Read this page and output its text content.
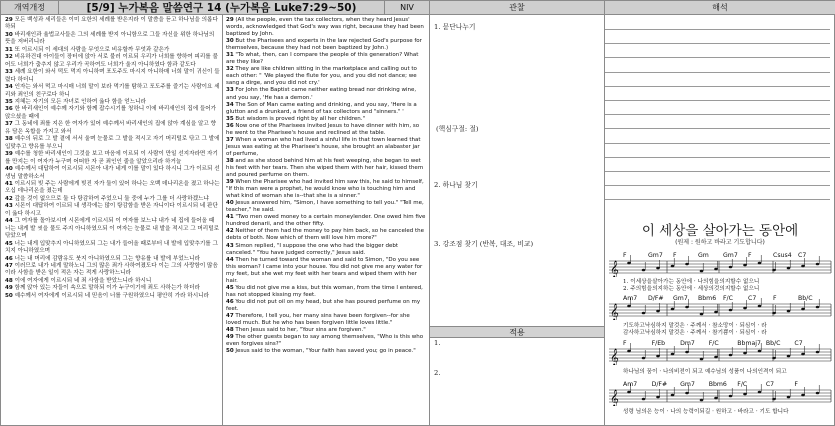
개역개정	[5/9] 누가복음 말씀연구 14 (누가복음 Luke7:29~50)	NIV	관찰	해석
29 모든 백성과 세리들은 이미 요한의 세례를 받은지라 이 말씀을 듣고 하나님을 의롭다 하되
30 바리새인과 율법교사들은 그의 세례를 받지 아니함으로 그들 자신을 위한 하나님의 뜻을 저버리니라
31 또 이르시되 이 세대의 사람을 무엇으로 비유할까 무엇과 같은가
32 비유하건대 아이들이 장터에 앉아 서로 불러 이르되 우리가 너희를 향하여 피리를 불어도 너희가 춤추지 않고 우리가 곡하여도 너희가 울지 아니하였다 함과 같도다
33 세례 요한이 와서 떡도 먹지 아니하며 포도주도 마시지 아니하매 너희 말이 귀신이 들렸다 하더니
34 인자는 와서 먹고 마시매 너희 말이 보라 먹기를 탐하고 포도주를 즐기는 사람이요 세리와 죄인의 친구로다 하니
35 지혜는 자기의 모든 자녀로 인하여 옳다 함을 얻느니라
36 한 바리새인이 예수께 자기와 함께 잡수시기를 청하니 이에 바리새인의 집에 들어가 앉으셨을 때에
37 그 동네에 죄를 지은 한 여자가 있어 예수께서 바리새인의 집에 앉아 계심을 알고 향유 담은 옥합을 가지고 와서
38 예수의 뒤로 그 발 곁에 서서 울며 눈물로 그 발을 적시고 자기 머리털로 닦고 그 발에 입맞추고 향유를 부으니
39 예수를 청한 바리새인이 그것을 보고 마음에 이르되 이 사람이 만일 선지자라면 자기를 만지는 이 여자가 누구며 어떠한 자 곧 죄인인 줄을 알았으리라 하거늘
40 예수께서 대답하여 이르시되 시몬아 내가 네게 이를 말이 있다 하시니 그가 이르되 선생님 말씀하소서
41 이르시되 빚 주는 사람에게 빚진 자가 둘이 있어 하나는 오백 데나리온을 졌고 하나는 오십 데나리온을 졌는데
42 갚을 것이 없으므로 둘 다 탕감하여 주었으니 둘 중에 누가 그를 더 사랑하겠느냐
43 시몬이 대답하여 이르되 내 생각에는 많이 탕감함을 받은 자니이다 이르시되 네 판단이 옳다 하시고
44 그 여자를 돌아보시며 시몬에게 이르시되 이 여자를 보느냐 내가 네 집에 들어올 때 너는 내게 발 씻을 물도 주지 아니하였으되 이 여자는 눈물로 내 발을 적시고 그 머리털로 닦았으며
45 너는 내게 입맞추지 아니하였으되 그는 내가 들어올 때로부터 내 발에 입맞추기를 그치지 아니하였으며
46 너는 내 머리에 감람유도 붓지 아니하였으되 그는 향유를 내 발에 부었느니라
47 이러므로 내가 네게 말하노니 그의 많은 죄가 사하여졌도다 이는 그의 사랑함이 많음이라 사함을 받은 일이 적은 자는 적게 사랑하느니라
48 이에 여자에게 이르시되 네 죄 사함을 받았느니라 하시니
49 함께 앉아 있는 자들이 속으로 말하되 이가 누구이기에 죄도 사하는가 하더라
50 예수께서 여자에게 이르시되 네 믿음이 너를 구원하였으니 평안히 가라 하시니라
29 (All the people, even the tax collectors, when they heard Jesus' words, acknowledged that God's way was right, because they had been baptized by John.
30 But the Pharisees and experts in the law rejected God's purpose for themselves, because they had not been baptized by John.)
31 "To what, then, can I compare the people of this generation? What are they like?
32 They are like children sitting in the marketplace and calling out to each other: " 'We played the flute for you, and you did not dance; we sang a dirge, and you did not cry.'
33 For John the Baptist came neither eating bread nor drinking wine, and you say, 'He has a demon.'
34 The Son of Man came eating and drinking, and you say, 'Here is a glutton and a drunkard, a friend of tax collectors and "sinners." '
35 But wisdom is proved right by all her children."
36 Now one of the Pharisees invited Jesus to have dinner with him, so he went to the Pharisee's house and reclined at the table.
37 When a woman who had lived a sinful life in that town learned that Jesus was eating at the Pharisee's house, she brought an alabaster jar of perfume,
38 and as she stood behind him at his feet weeping, she began to wet his feet with her tears. Then she wiped them with her hair, kissed them and poured perfume on them.
39 When the Pharisee who had invited him saw this, he said to himself, "If this man were a prophet, he would know who is touching him and what kind of woman she is--that she is a sinner."
40 Jesus answered him, "Simon, I have something to tell you." "Tell me, teacher," he said.
41 "Two men owed money to a certain moneylender. One owed him five hundred denarii, and the other fifty.
42 Neither of them had the money to pay him back, so he canceled the debts of both. Now which of them will love him more?"
43 Simon replied, "I suppose the one who had the bigger debt canceled." "You have judged correctly," Jesus said.
44 Then he turned toward the woman and said to Simon, "Do you see this woman? I came into your house. You did not give me any water for my feet, but she wet my feet with her tears and wiped them with her hair.
45 You did not give me a kiss, but this woman, from the time I entered, has not stopped kissing my feet.
46 You did not put oil on my head, but she has poured perfume on my feet.
47 Therefore, I tell you, her many sins have been forgiven--for she loved much. But he who has been forgiven little loves little."
48 Then Jesus said to her, "Your sins are forgiven."
49 The other guests began to say among themselves, "Who is this who even forgives sins?"
50 Jesus said to the woman, "Your faith has saved you; go in peace."
1. 묻단나누기
(핵심구절: 절)
2. 하나님 찾기
3. 강조점 찾기 (반복, 대조, 비교)
1.
2.
적용
이 세상을 살아가는 동안에
(원제 : 원하고 바라고 기도합니다)
𝄞
F	Gm7 F	Gm Gm7 F	Csus4 C7
1. 이세상을살아가는 동안에 · 나의힘을의지할수 없으니
2. 주의힘을의지하는 동안에 · 세상의것의지할수 없으니
𝄞
Am7 D/F# Gm7 Bbm6 F/C C7	F	Bb/C
기도하고낙심하지 말것은 · 주께서 · 참소망이 · 되심이 · 라
감사하고낙심하지 말것은 · 주께서 · 참기쁨이 · 되심이 · 라
𝄞
F	F/Eb Dm7 F/C	Bbmaj7 Bb/C C7
하나님의 꿈이 · 나의비전이 되고 예수님의 성품이 나의인격이 되고
𝄞
Am7 D/F# Gm7 Bbm6 F/C	C7	F
성령 님의은 능이 · 나의 능력이되길 · 원하고 · 바라고 · 기도 합니다
